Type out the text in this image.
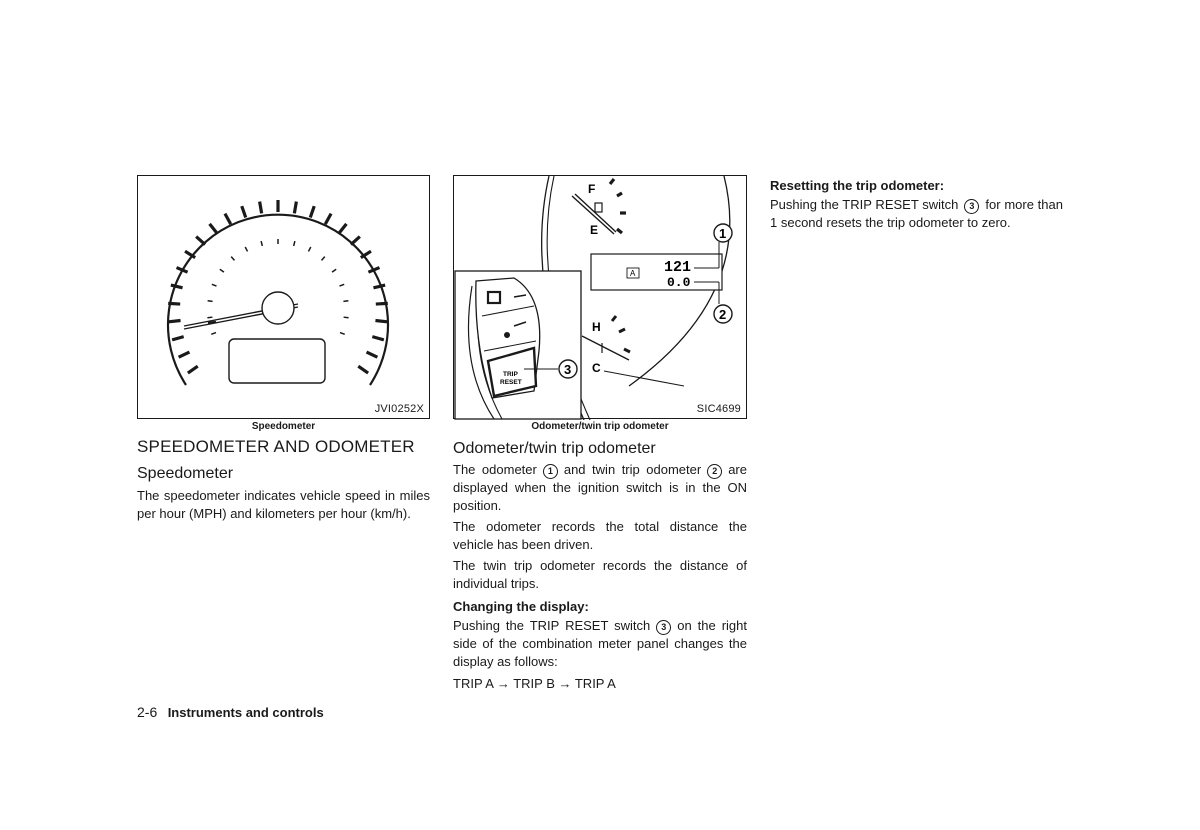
JVI0252X
Speedometer
F
E
A 121
0.0
1
2
H
C
TRIP
RESET
3
SIC4699
Odometer/twin trip odometer
SPEEDOMETER AND ODOMETER
Speedometer

The speedometer indicates vehicle speed in miles per hour (MPH) and kilometers per hour (km/h).

Odometer/twin trip odometer

The odometer 1 and twin trip odometer 2 are displayed when the ignition switch is in the ON position.

The odometer records the total distance the vehicle has been driven.

The twin trip odometer records the distance of individual trips.

Changing the display:

Pushing the TRIP RESET switch 3 on the right side of the combination meter panel changes the display as follows:

TRIP A → TRIP B → TRIP A

Resetting the trip odometer:

Pushing the TRIP RESET switch 3 for more than 1 second resets the trip odometer to zero.

2-6 Instruments and controls
